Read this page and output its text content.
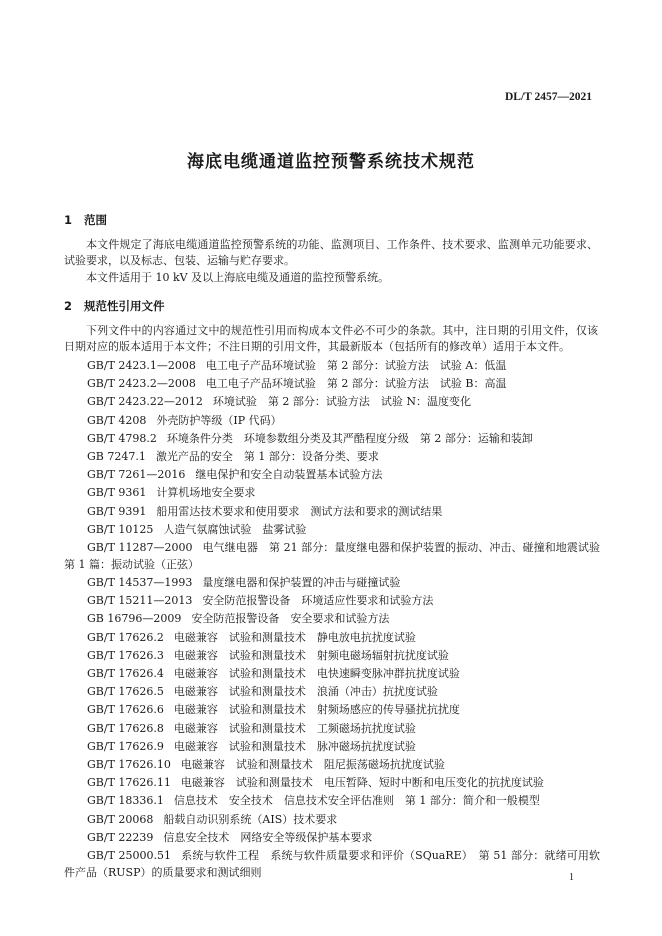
DL/T 2457—2021
海底电缆通道监控预警系统技术规范
1 范围
本文件规定了海底电缆通道监控预警系统的功能、监测项目、工作条件、技术要求、监测单元功能要求、试验要求，以及标志、包装、运输与贮存要求。
本文件适用于 10 kV 及以上海底电缆及通道的监控预警系统。
2 规范性引用文件
下列文件中的内容通过文中的规范性引用而构成本文件必不可少的条款。其中，注日期的引用文件，仅该日期对应的版本适用于本文件；不注日期的引用文件，其最新版本（包括所有的修改单）适用于本文件。
GB/T 2423.1—2008 电工电子产品环境试验　第 2 部分：试验方法　试验 A：低温
GB/T 2423.2—2008 电工电子产品环境试验　第 2 部分：试验方法　试验 B：高温
GB/T 2423.22—2012 环境试验　第 2 部分：试验方法　试验 N：温度变化
GB/T 4208 外壳防护等级（IP 代码）
GB/T 4798.2 环境条件分类　环境参数组分类及其严酷程度分级　第 2 部分：运输和装卸
GB 7247.1 激光产品的安全　第 1 部分：设备分类、要求
GB/T 7261—2016 继电保护和安全自动装置基本试验方法
GB/T 9361 计算机场地安全要求
GB/T 9391 船用雷达技术要求和使用要求　测试方法和要求的测试结果
GB/T 10125 人造气氛腐蚀试验　盐雾试验
GB/T 11287—2000 电气继电器　第 21 部分：量度继电器和保护装置的振动、冲击、碰撞和地震试验　第 1 篇：振动试验（正弦）
GB/T 14537—1993 量度继电器和保护装置的冲击与碰撞试验
GB/T 15211—2013 安全防范报警设备　环境适应性要求和试验方法
GB 16796—2009 安全防范报警设备　安全要求和试验方法
GB/T 17626.2 电磁兼容　试验和测量技术　静电放电抗扰度试验
GB/T 17626.3 电磁兼容　试验和测量技术　射频电磁场辐射抗扰度试验
GB/T 17626.4 电磁兼容　试验和测量技术　电快速瞬变脉冲群抗扰度试验
GB/T 17626.5 电磁兼容　试验和测量技术　浪涌（冲击）抗扰度试验
GB/T 17626.6 电磁兼容　试验和测量技术　射频场感应的传导骚扰抗扰度
GB/T 17626.8 电磁兼容　试验和测量技术　工频磁场抗扰度试验
GB/T 17626.9 电磁兼容　试验和测量技术　脉冲磁场抗扰度试验
GB/T 17626.10 电磁兼容　试验和测量技术　阻尼振荡磁场抗扰度试验
GB/T 17626.11 电磁兼容　试验和测量技术　电压暂降、短时中断和电压变化的抗扰度试验
GB/T 18336.1 信息技术　安全技术　信息技术安全评估准则　第 1 部分：简介和一般模型
GB/T 20068 船载自动识别系统（AIS）技术要求
GB/T 22239 信息安全技术　网络安全等级保护基本要求
GB/T 25000.51 系统与软件工程　系统与软件质量要求和评价（SQuaRE）　第 51 部分：就绪可用软件产品（RUSP）的质量要求和测试细则	1
